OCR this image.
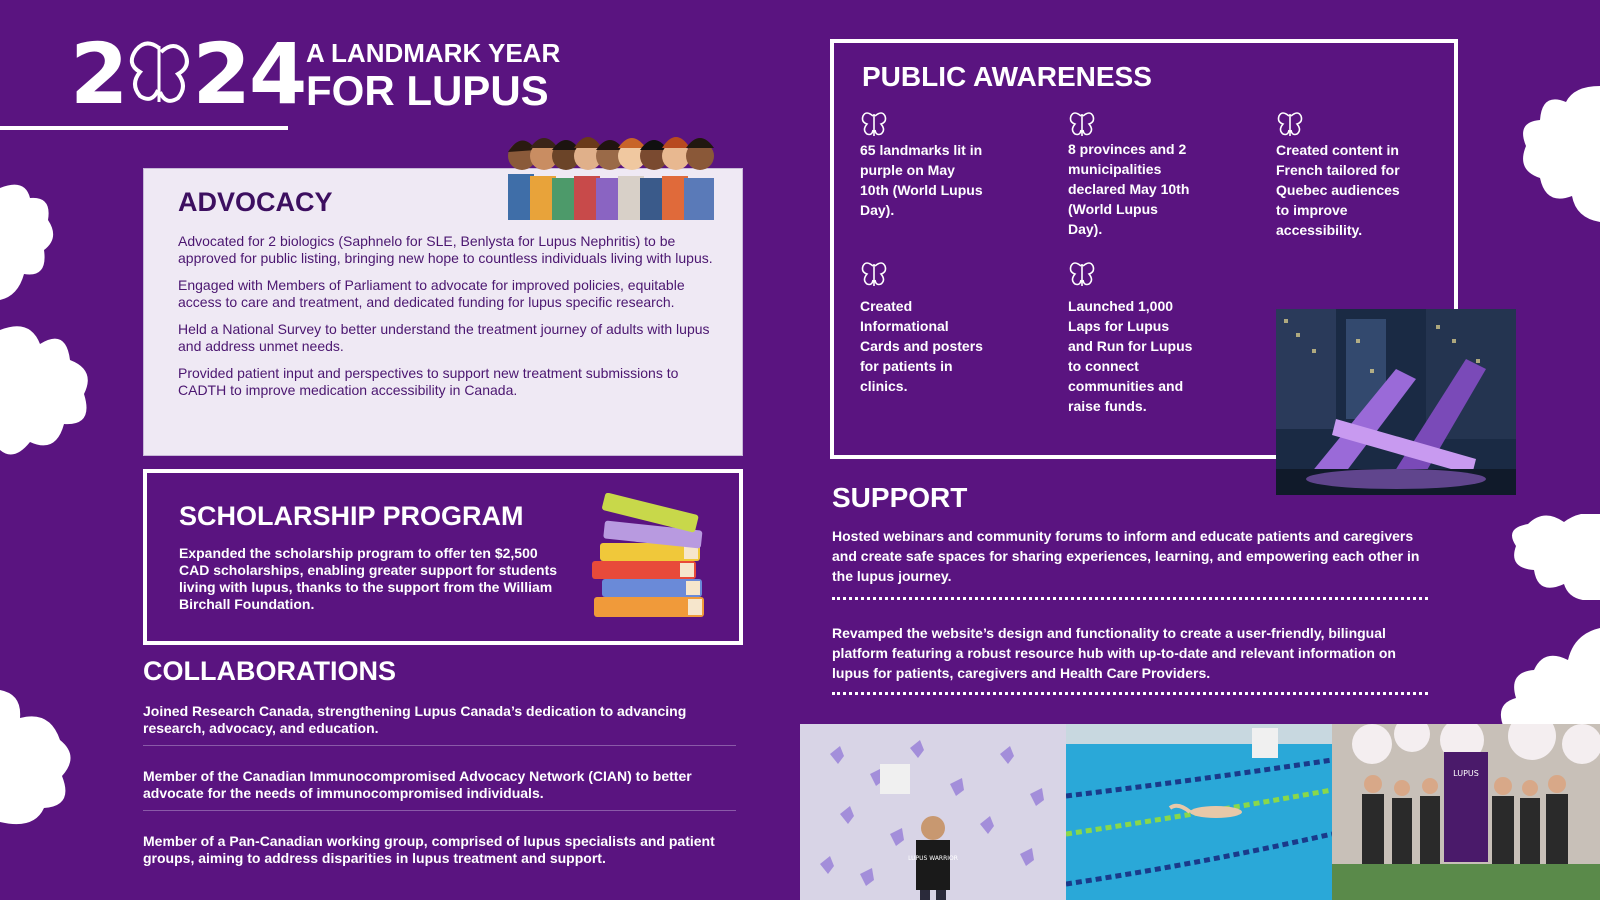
2 24 A LANDMARK YEAR
FOR LUPUS
ADVOCACY

Advocated for 2 biologics (Saphnelo for SLE, Benlysta for Lupus Nephritis) to be approved for public listing, bringing new hope to countless individuals living with lupus.

Engaged with Members of Parliament to advocate for improved policies, equitable access to care and treatment, and dedicated funding for lupus specific research.

Held a National Survey to better understand the treatment journey of adults with lupus and address unmet needs.

Provided patient input and perspectives to support new treatment submissions to CADTH to improve medication accessibility in Canada.

SCHOLARSHIP PROGRAM

Expanded the scholarship program to offer ten $2,500 CAD scholarships, enabling greater support for students living with lupus, thanks to the support from the William Birchall Foundation.

COLLABORATIONS
Joined Research Canada, strengthening Lupus Canada’s dedication to advancing research, advocacy, and education.
Member of the Canadian Immunocompromised Advocacy Network (CIAN) to better advocate for the needs of immunocompromised individuals.
Member of a Pan-Canadian working group, comprised of lupus specialists and patient groups, aiming to address disparities in lupus treatment and support.
PUBLIC AWARENESS
65 landmarks lit in purple on May 10th (World Lupus Day).
8 provinces and 2 municipalities declared May 10th (World Lupus Day).
Created content in French tailored for Quebec audiences to improve accessibility.
Created Informational Cards and posters for patients in clinics.
Launched 1,000 Laps for Lupus and Run for Lupus to connect communities and raise funds.
SUPPORT
Hosted webinars and community forums to inform and educate patients and caregivers and create safe spaces for sharing experiences, learning, and empowering each other in the lupus journey.
Revamped the website’s design and functionality to create a user-friendly, bilingual platform featuring a robust resource hub with up-to-date and relevant information on lupus for patients, caregivers and Health Care Providers.
LUPUS WARRIOR
LUPUS
